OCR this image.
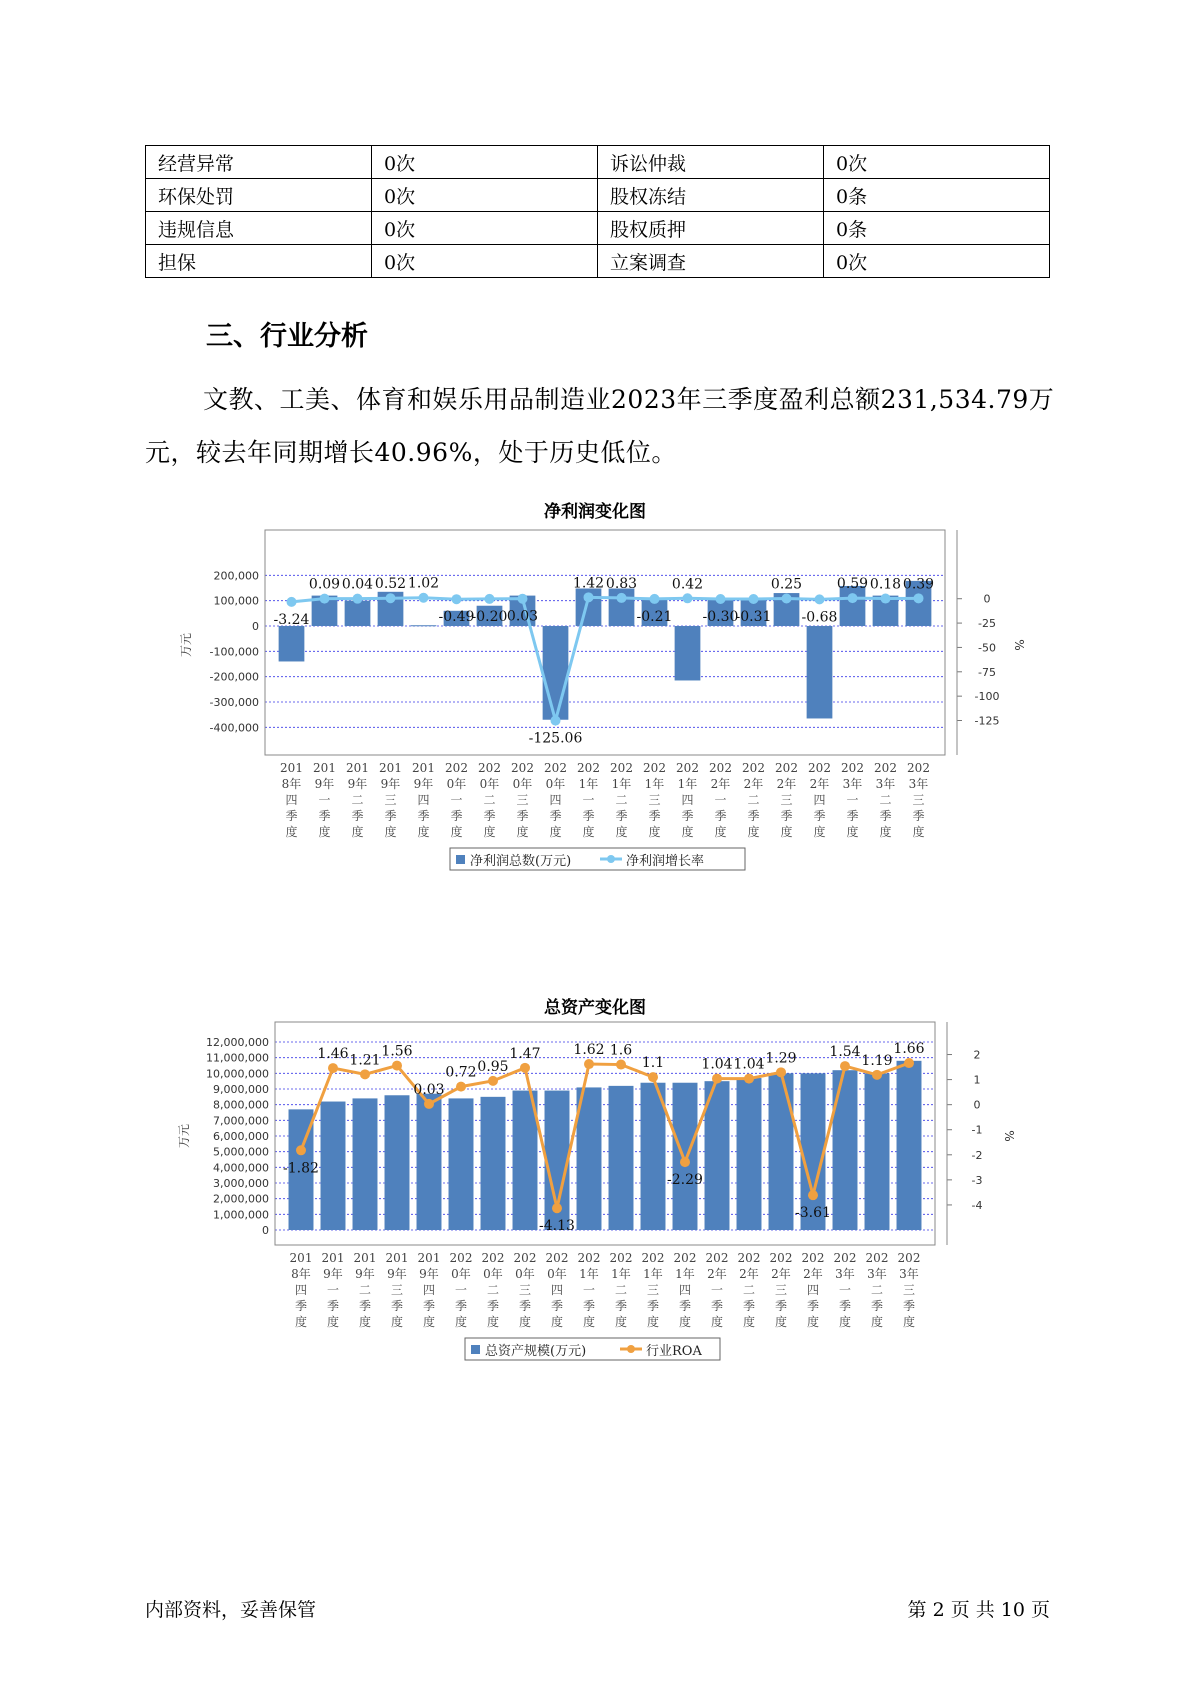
经营异常	0次	诉讼仲裁	0次
环保处罚	0次	股权冻结	0条
违规信息	0次	股权质押	0条
担保	0次	立案调查	0次
三、行业分析
文教、工美、体育和娱乐用品制造业2023年三季度盈利总额231,534.79万元，较去年同期增长40.96%，处于历史低位。
净利润变化图
200,000
100,000
0
-100,000
-200,000
-300,000
-400,000
0
-25
-50
-75
-100
-125
万元	%
-3.24
0.09 0.04 0.52 1.02
-0.49
-0.20 0.03
-125.06
1.42 0.83
-0.21
0.42
-0.30
-0.31
0.25
-0.68
0.59 0.18 0.39
201 8年四季度
201 9年一季度
201 9年二季度
201 9年三季度
201 9年四季度
202 0年一季度
202 0年二季度
202 0年三季度
202 0年四季度
202 1年一季度
202 1年二季度
202 1年三季度
202 1年四季度
202 2年一季度
202 2年二季度
202 2年三季度
202 2年四季度
202 3年一季度
202 3年二季度
202 3年三季度
净利润总数(万元)	净利润增长率
总资产变化图
12,000,000
11,000,000
10,000,000
9,000,000
8,000,000
7,000,000
6,000,000
5,000,000
4,000,000
3,000,000
2,000,000
1,000,000
0
2
1
0
-1
-2
-3
-4
万元	%
-1.82
1.46 1.21
1.56
0.03
0.72 0.95
1.47
-4.13
1.62 1.6
1.1
-2.29
1.04 1.04 1.29
-3.61
1.54
1.19
1.66
201 8年四季度
201 9年一季度
201 9年二季度
201 9年三季度
201 9年四季度
202 0年一季度
202 0年二季度
202 0年三季度
202 0年四季度
202 1年一季度
202 1年二季度
202 1年三季度
202 1年四季度
202 2年一季度
202 2年二季度
202 2年三季度
202 2年四季度
202 3年一季度
202 3年二季度
202 3年三季度
总资产规模(万元)	行业ROA
内部资料，妥善保管	第 2 页 共 10 页
